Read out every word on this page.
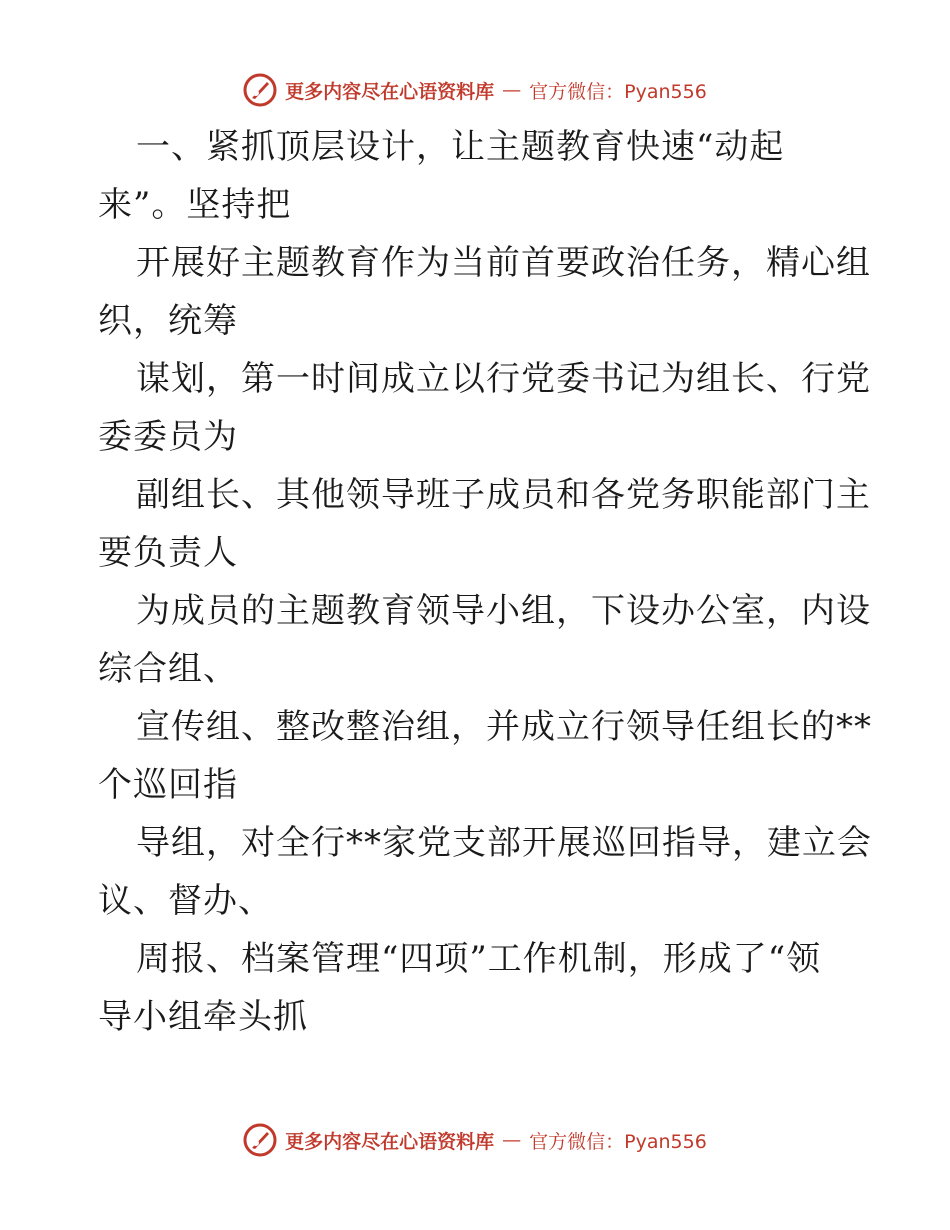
更多内容尽在心语资料库 — 官方微信：Pyan556
一、紧抓顶层设计，让主题教育快速“动起
来”。坚持把
开展好主题教育作为当前首要政治任务，精心组
织，统筹
谋划，第一时间成立以行党委书记为组长、行党
委委员为
副组长、其他领导班子成员和各党务职能部门主
要负责人
为成员的主题教育领导小组，下设办公室，内设
综合组、
宣传组、整改整治组，并成立行领导任组长的**
个巡回指
导组，对全行**家党支部开展巡回指导，建立会
议、督办、
周报、档案管理“四项”工作机制，形成了“领
导小组牵头抓
更多内容尽在心语资料库 — 官方微信：Pyan556
